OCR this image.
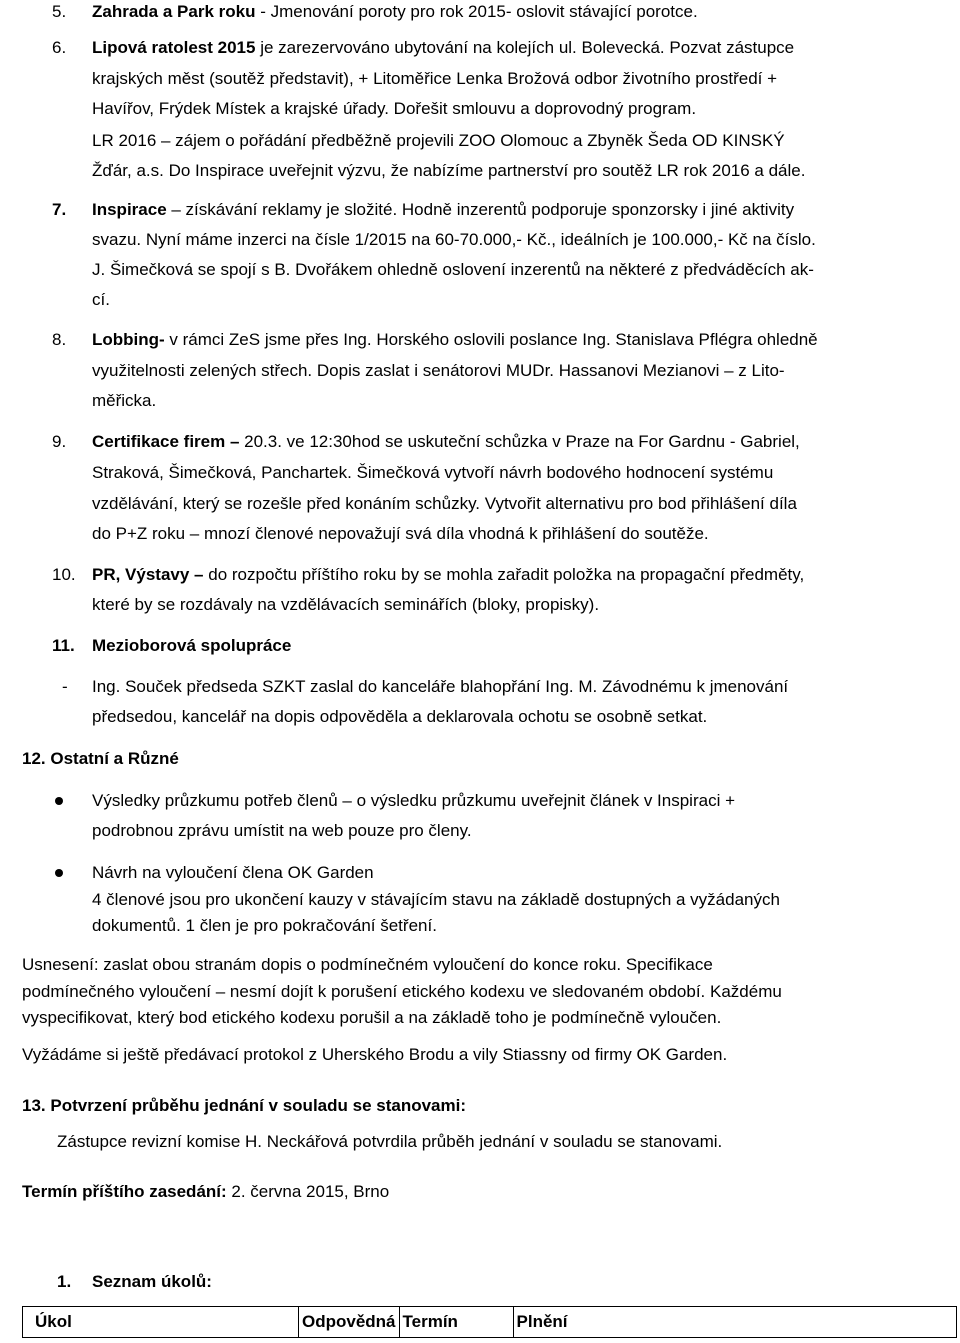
5. Zahrada a Park roku - Jmenování poroty pro rok 2015- oslovit stávající porotce.
6. Lipová ratolest 2015 je zarezervováno ubytování na kolejích ul. Bolevecká. Pozvat zástupce
krajských měst (soutěž představit), + Litoměřice Lenka Brožová odbor životního prostředí +
Havířov, Frýdek Místek a krajské úřady. Dořešit smlouvu a doprovodný program.
LR 2016 – zájem o pořádání předběžně projevili ZOO Olomouc a Zbyněk Šeda OD KINSKÝ
Žďár, a.s. Do Inspirace uveřejnit výzvu, že nabízíme partnerství pro soutěž LR rok 2016 a dále.
7. Inspirace – získávání reklamy je složité. Hodně inzerentů podporuje sponzorsky i jiné aktivity
svazu. Nyní máme inzerci na čísle 1/2015 na 60-70.000,- Kč., ideálních je 100.000,- Kč na číslo.
J. Šimečková se spojí s B. Dvořákem ohledně oslovení inzerentů na některé z předváděcích ak-
cí.
8. Lobbing- v rámci ZeS jsme přes Ing. Horského oslovili poslance Ing. Stanislava Pflégra ohledně
využitelnosti zelených střech. Dopis zaslat i senátorovi MUDr. Hassanovi Mezianovi – z Lito-
měřicka.
9. Certifikace firem – 20.3. ve 12:30hod se uskuteční schůzka v Praze na For Gardnu - Gabriel,
Straková, Šimečková, Panchartek. Šimečková vytvoří návrh bodového hodnocení systému
vzdělávání, který se rozešle před konáním schůzky. Vytvořit alternativu pro bod přihlášení díla
do P+Z roku – mnozí členové nepovažují svá díla vhodná k přihlášení do soutěže.
10. PR, Výstavy – do rozpočtu příštího roku by se mohla zařadit položka na propagační předměty,
které by se rozdávaly na vzdělávacích seminářích (bloky, propisky).
11. Mezioborová spolupráce
- Ing. Souček předseda SZKT zaslal do kanceláře blahopřání Ing. M. Závodnému k jmenování
předsedou, kancelář na dopis odpověděla a deklarovala ochotu se osobně setkat.
12. Ostatní a Různé
Výsledky průzkumu potřeb členů – o výsledku průzkumu uveřejnit článek v Inspiraci +
podrobnou zprávu umístit na web pouze pro členy.
Návrh na vyloučení člena OK Garden
4 členové jsou pro ukončení kauzy v stávajícím stavu na základě dostupných a vyžádaných
dokumentů. 1 člen je pro pokračování šetření.
Usnesení: zaslat obou stranám dopis o podmínečném vyloučení do konce roku. Specifikace
podmínečného vyloučení – nesmí dojít k porušení etického kodexu ve sledovaném období. Každému
vyspecifikovat, který bod etického kodexu porušil a na základě toho je podmínečně vyloučen.
Vyžádáme si ještě předávací protokol z Uherského Brodu a vily Stiassny od firmy OK Garden.
13. Potvrzení průběhu jednání v souladu se stanovami:
Zástupce revizní komise H. Neckářová potvrdila průběh jednání v souladu se stanovami.
Termín příštího zasedání: 2. června 2015, Brno
1. Seznam úkolů:
Úkol	Odpovědná	Termín	Plnění
